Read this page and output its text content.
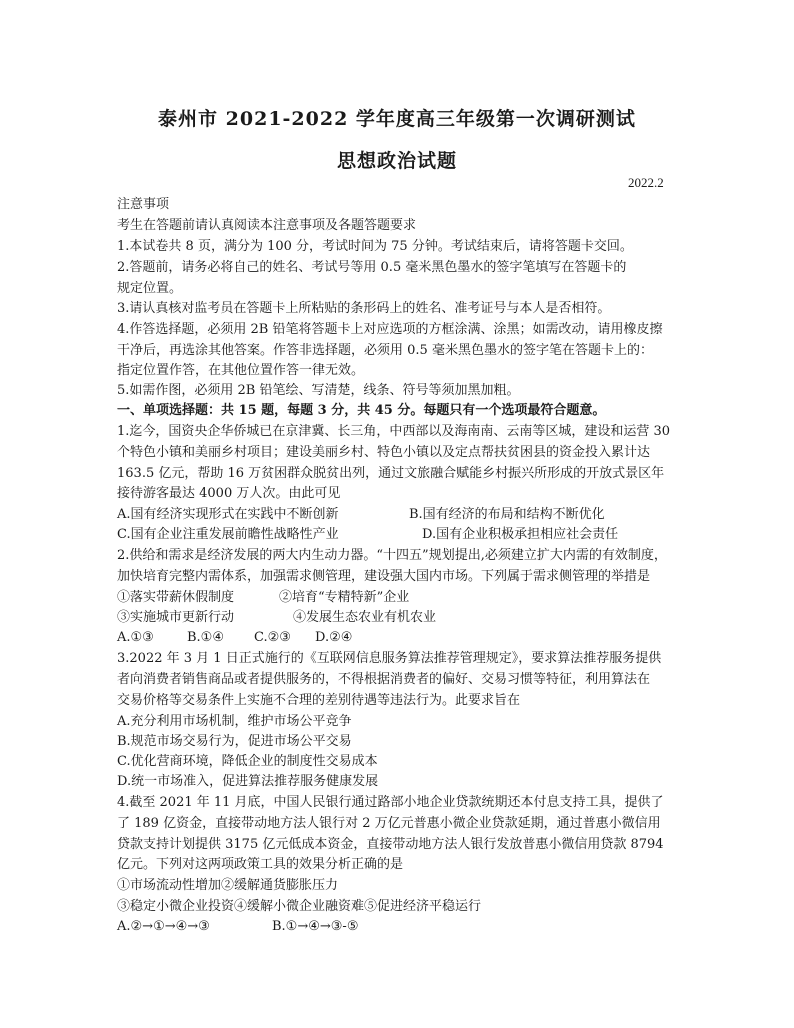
泰州市 2021-2022 学年度高三年级第一次调研测试
思想政治试题
2022.2
注意事项
考生在答题前请认真阅读本注意事项及各题答题要求
1.本试卷共 8 页，满分为 100 分，考试时间为 75 分钟。考试结束后，请将答题卡交回。
2.答题前，请务必将自己的姓名、考试号等用 0.5 毫米黑色墨水的签字笔填写在答题卡的
规定位置。
3.请认真核对监考员在答题卡上所粘贴的条形码上的姓名、准考证号与本人是否相符。
4.作答选择题，必须用 2B 铅笔将答题卡上对应选项的方框涂满、涂黑；如需改动，请用橡皮擦
干净后，再选涂其他答案。作答非选择题，必须用 0.5 毫米黑色墨水的签字笔在答题卡上的：
指定位置作答，在其他位置作答一律无效。
5.如需作图，必须用 2B 铅笔绘、写清楚，线条、符号等须加黑加粗。
一、单项选择题：共 15 题，每题 3 分，共 45 分。每题只有一个选项最符合题意。
1.迄今，国资央企华侨城已在京津冀、长三角，中西部以及海南南、云南等区城，建设和运营 30
个特色小镇和美丽乡村项目；建设美丽乡村、特色小镇以及定点帮扶贫困县的资金投入累计达
163.5 亿元，帮助 16 万贫困群众脱贫出列，通过文旅融合赋能乡村振兴所形成的开放式景区年
接待游客最达 4000 万人次。由此可见
A.国有经济实现形式在实践中不断创新	B.国有经济的布局和结构不断优化
C.国有企业注重发展前瞻性战略性产业	D.国有企业积极承担相应社会责任
2.供给和需求是经济发展的两大内生动力器。“十四五”规划提出,必须建立扩大内需的有效制度，
加快培育完整内需体系，加强需求侧管理，建设强大国内市场。下列属于需求侧管理的举措是
①落实带薪休假制度	②培育“专精特新”企业
③实施城市更新行动	④发展生态农业有机农业
A.①③	B.①④ C.②③ D.②④
3.2022 年 3 月 1 日正式施行的《互联网信息服务算法推荐管理规定》，要求算法推荐服务提供
者向消费者销售商品或者提供服务的，不得根据消费者的偏好、交易习惯等特征，利用算法在
交易价格等交易条件上实施不合理的差别待遇等违法行为。此要求旨在
A.充分利用市场机制，维护市场公平竞争
B.规范市场交易行为，促进市场公平交易
C.优化营商环境，降低企业的制度性交易成本
D.统一市场准入，促进算法推荐服务健康发展
4.截至 2021 年 11 月底，中国人民银行通过路部小地企业贷款统期还本付息支持工具，提供了
了 189 亿资金，直接带动地方法人银行对 2 万亿元普惠小微企业贷款延期，通过普惠小微信用
贷款支持计划提供 3175 亿元低成本资金，直接带动地方法人银行发放普惠小微信用贷款 8794
亿元。下列对这两项政策工具的效果分析正确的是
①市场流动性增加②缓解通货膨胀压力
③稳定小微企业投资④缓解小微企业融资难⑤促进经济平稳运行
A.②→①→④→③	B.①→④→③-⑤
